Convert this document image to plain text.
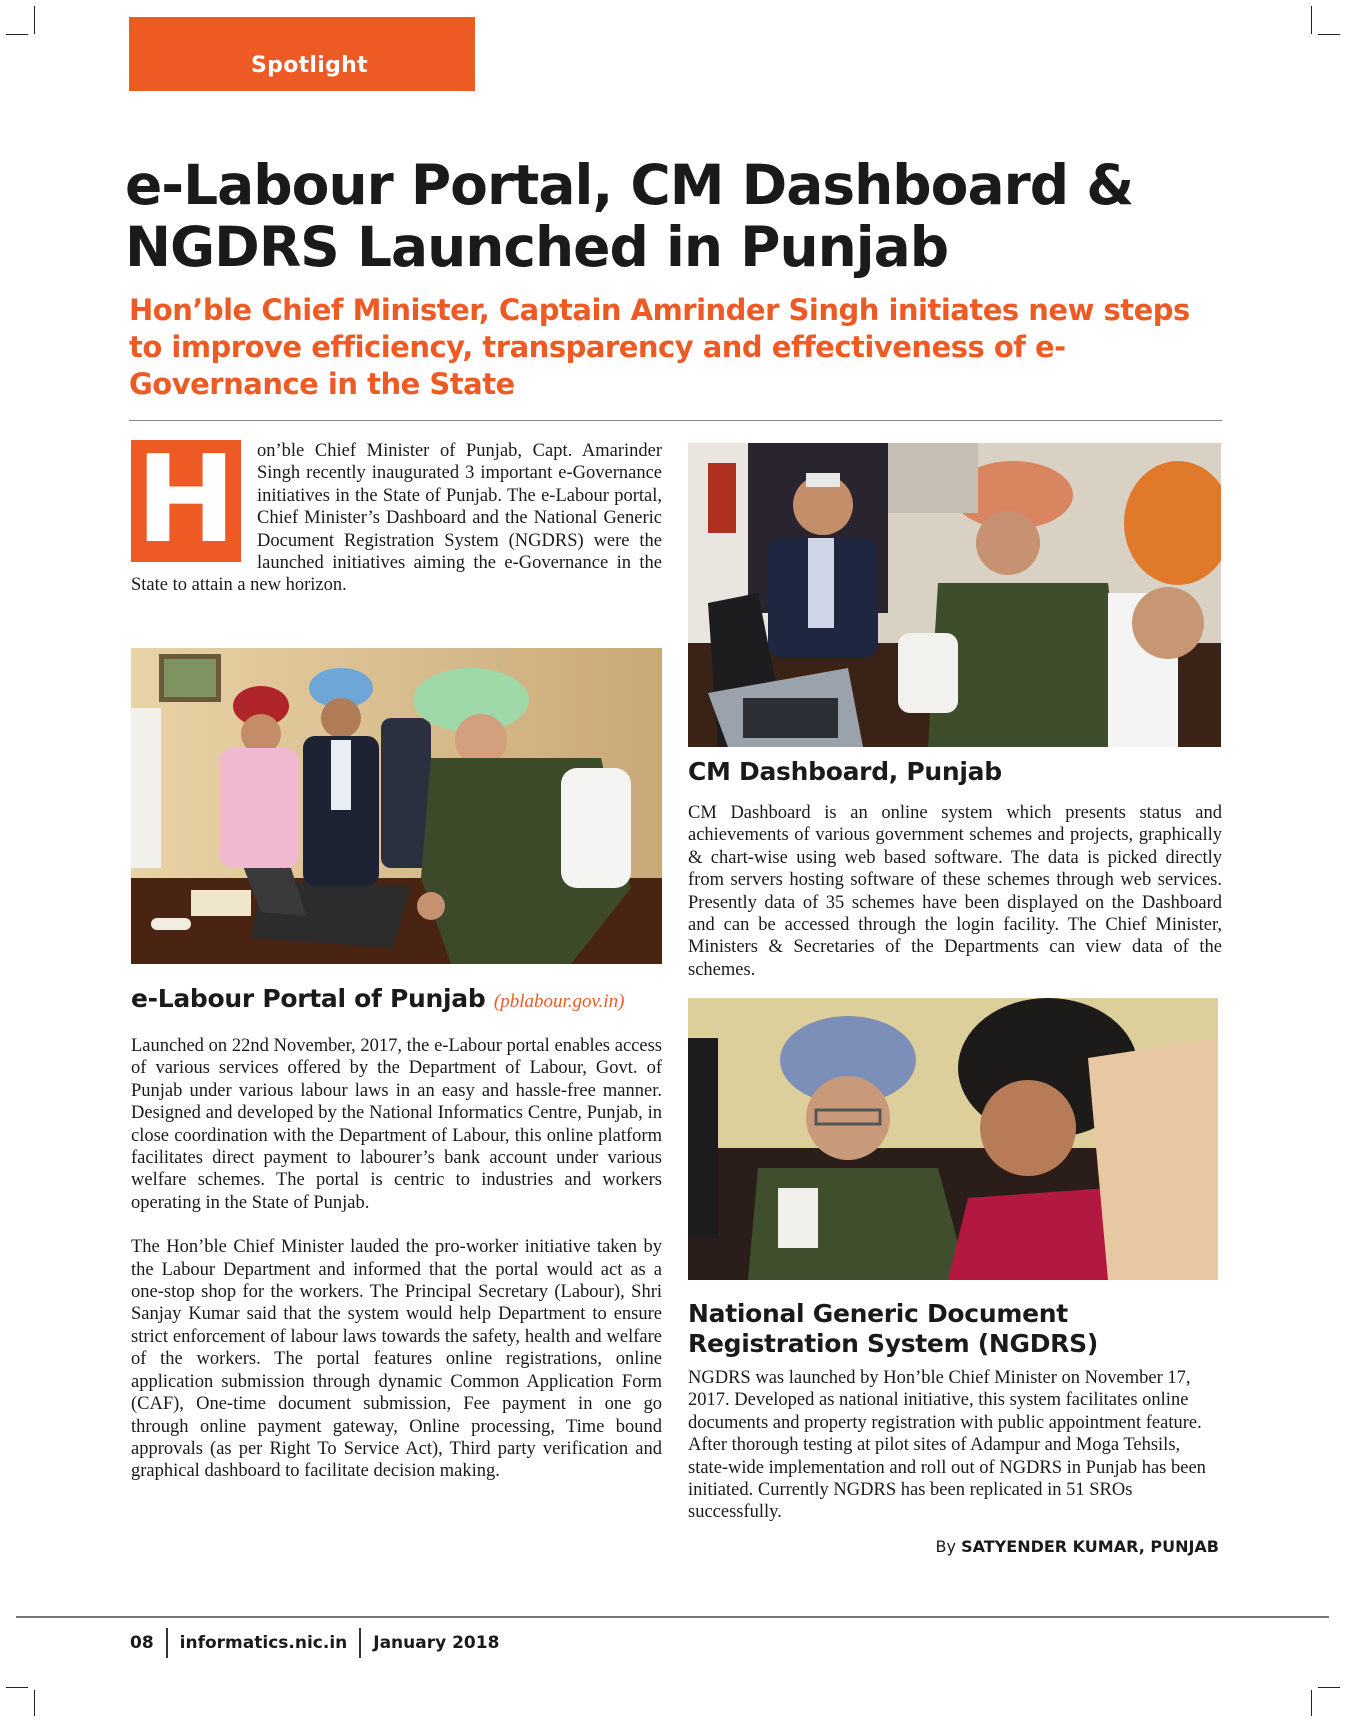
Spotlight
e-Labour Portal, CM Dashboard & NGDRS Launched in Punjab
Hon’ble Chief Minister, Captain Amrinder Singh initiates new steps to improve efficiency, transparency and effectiveness of e-Governance in the State

H on’ble Chief Minister of Punjab, Capt. Amarinder Singh recently inaugurated 3 important e-Governance initiatives in the State of Punjab. The e-Labour portal, Chief Minister’s Dashboard and the National Generic Document Registration System (NGDRS) were the launched initiatives aiming the e-Governance in the State to attain a new horizon.

e-Labour Portal of Punjab (pblabour.gov.in)

Launched on 22nd November, 2017, the e-Labour portal enables access of various services offered by the Department of Labour, Govt. of Punjab under various labour laws in an easy and hassle-free manner. Designed and developed by the National Informatics Centre, Punjab, in close coordination with the Department of Labour, this online platform facilitates direct payment to labourer’s bank account under various welfare schemes. The portal is centric to industries and workers operating in the State of Punjab.

The Hon’ble Chief Minister lauded the pro-worker initiative taken by the Labour Department and informed that the portal would act as a one-stop shop for the workers. The Principal Secretary (Labour), Shri Sanjay Kumar said that the system would help Department to ensure strict enforcement of labour laws towards the safety, health and welfare of the workers. The portal features online registrations, online application submission through dynamic Common Application Form (CAF), One-time document submission, Fee payment in one go through online payment gateway, Online processing, Time bound approvals (as per Right To Service Act), Third party verification and graphical dashboard to facilitate decision making.

CM Dashboard, Punjab

CM Dashboard is an online system which presents status and achievements of various government schemes and projects, graphically & chart-wise using web based software. The data is picked directly from servers hosting software of these schemes through web services. Presently data of 35 schemes have been displayed on the Dashboard and can be accessed through the login facility. The Chief Minister, Ministers & Secretaries of the Departments can view data of the schemes.

National Generic Document Registration System (NGDRS)

NGDRS was launched by Hon’ble Chief Minister on November 17, 2017. Developed as national initiative, this system facilitates online documents and property registration with public appointment feature. After thorough testing at pilot sites of Adampur and Moga Tehsils, state-wide implementation and roll out of NGDRS in Punjab has been initiated. Currently NGDRS has been replicated in 51 SROs successfully.

By SATYENDER KUMAR, PUNJAB
08 informatics.nic.in January 2018
